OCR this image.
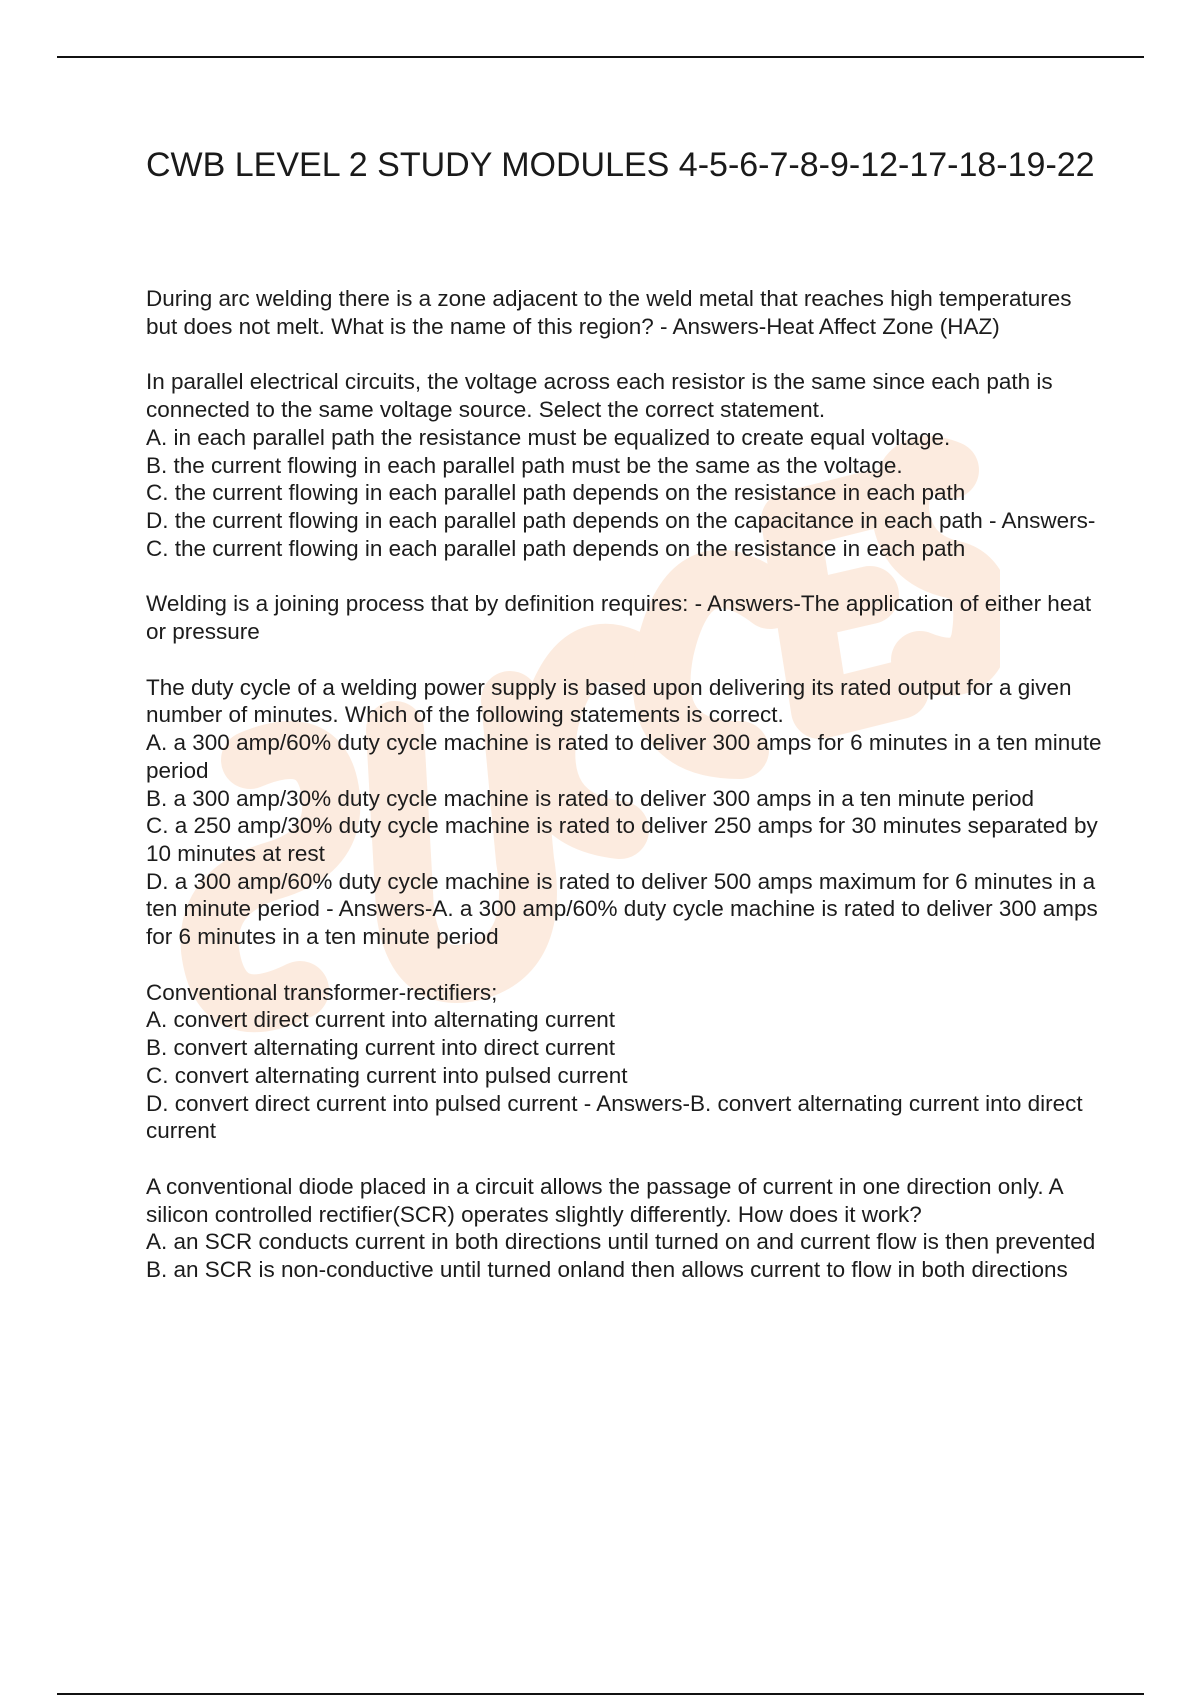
CWB LEVEL 2 STUDY MODULES 4-5-6-7-8-9-12-17-18-19-22

During arc welding there is a zone adjacent to the weld metal that reaches high temperatures but does not melt. What is the name of this region? - Answers-Heat Affect Zone (HAZ)

In parallel electrical circuits, the voltage across each resistor is the same since each path is connected to the same voltage source. Select the correct statement.

A. in each parallel path the resistance must be equalized to create equal voltage.

B. the current flowing in each parallel path must be the same as the voltage.

C. the current flowing in each parallel path depends on the resistance in each path

D. the current flowing in each parallel path depends on the capacitance in each path - Answers-C. the current flowing in each parallel path depends on the resistance in each path

Welding is a joining process that by definition requires: - Answers-The application of either heat or pressure

The duty cycle of a welding power supply is based upon delivering its rated output for a given number of minutes. Which of the following statements is correct.

A. a 300 amp/60% duty cycle machine is rated to deliver 300 amps for 6 minutes in a ten minute period

B. a 300 amp/30% duty cycle machine is rated to deliver 300 amps in a ten minute period

C. a 250 amp/30% duty cycle machine is rated to deliver 250 amps for 30 minutes separated by 10 minutes at rest

D. a 300 amp/60% duty cycle machine is rated to deliver 500 amps maximum for 6 minutes in a ten minute period - Answers-A. a 300 amp/60% duty cycle machine is rated to deliver 300 amps for 6 minutes in a ten minute period

Conventional transformer-rectifiers;

A. convert direct current into alternating current

B. convert alternating current into direct current

C. convert alternating current into pulsed current

D. convert direct current into pulsed current - Answers-B. convert alternating current into direct current

A conventional diode placed in a circuit allows the passage of current in one direction only. A silicon controlled rectifier(SCR) operates slightly differently. How does it work?

A. an SCR conducts current in both directions until turned on and current flow is then prevented

B. an SCR is non-conductive until turned onland then allows current to flow in both directions
